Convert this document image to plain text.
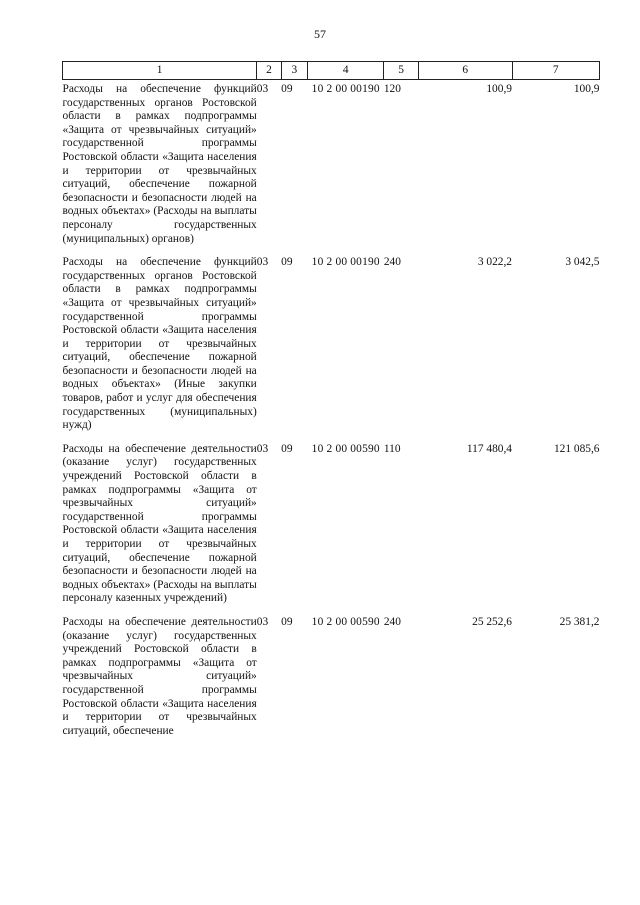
57
1	2	3	4	5	6	7
Расходы на обеспечение функций государственных органов Ростовской области в рамках подпрограммы «Защита от чрезвычайных ситуаций» государственной программы Ростовской области «Защита населения и территории от чрезвычайных ситуаций, обеспечение пожарной безопасности и безопасности людей на водных объектах» (Расходы на выплаты персоналу государственных (муниципальных) органов)	03	09	10 2 00 00190	120	100,9	100,9
Расходы на обеспечение функций государственных органов Ростовской области в рамках подпрограммы «Защита от чрезвычайных ситуаций» государственной программы Ростовской области «Защита населения и территории от чрезвычайных ситуаций, обеспечение пожарной безопасности и безопасности людей на водных объектах» (Иные закупки товаров, работ и услуг для обеспечения государственных (муниципальных) нужд)	03	09	10 2 00 00190	240	3 022,2	3 042,5
Расходы на обеспечение деятельности (оказание услуг) государственных учреждений Ростовской области в рамках подпрограммы «Защита от чрезвычайных ситуаций» государственной программы Ростовской области «Защита населения и территории от чрезвычайных ситуаций, обеспечение пожарной безопасности и безопасности людей на водных объектах» (Расходы на выплаты персоналу казенных учреждений)	03	09	10 2 00 00590	110	117 480,4	121 085,6
Расходы на обеспечение деятельности (оказание услуг) государственных учреждений Ростовской области в рамках подпрограммы «Защита от чрезвычайных ситуаций» государственной программы Ростовской области «Защита населения и территории от чрезвычайных ситуаций, обеспечение	03	09	10 2 00 00590	240	25 252,6	25 381,2
